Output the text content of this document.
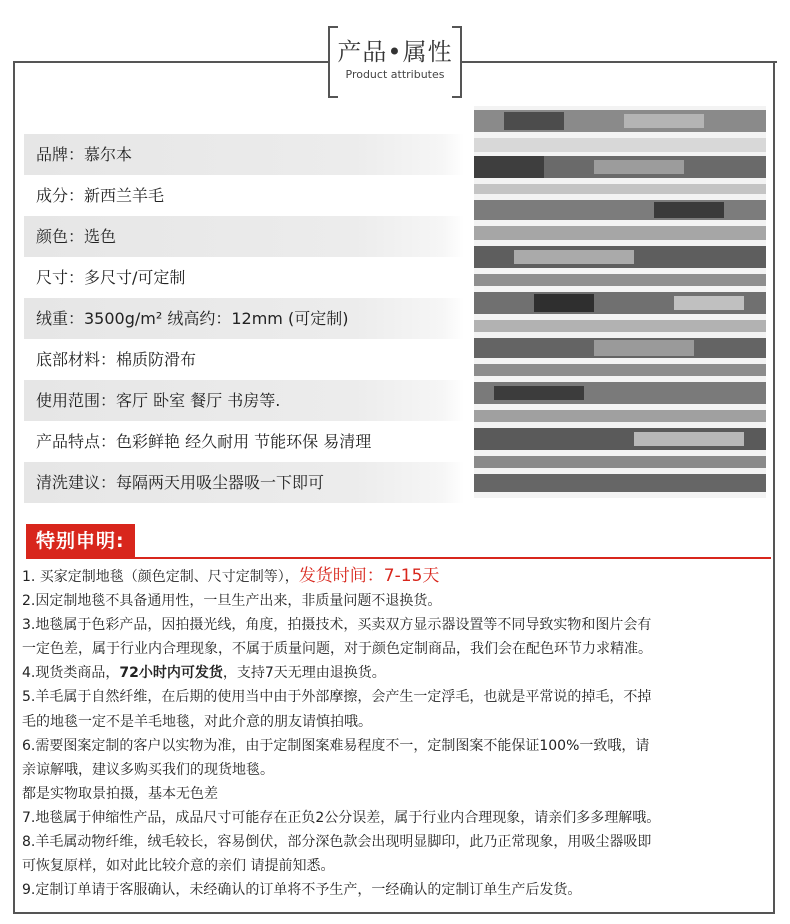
产品•属性
Product attributes
品牌：慕尔本
成分：新西兰羊毛
颜色：选色
尺寸：多尺寸/可定制
绒重：3500g/m² 绒高约：12mm (可定制)
底部材料：棉质防滑布
使用范围：客厅 卧室 餐厅 书房等.
产品特点：色彩鲜艳 经久耐用 节能环保 易清理
清洗建议：每隔两天用吸尘器吸一下即可
特别申明:
1. 买家定制地毯（颜色定制、尺寸定制等），发货时间：7-15天
2.因定制地毯不具备通用性，一旦生产出来，非质量问题不退换货。
3.地毯属于色彩产品，因拍摄光线，角度，拍摄技术，买卖双方显示器设置等不同导致实物和图片会有
一定色差，属于行业内合理现象，不属于质量问题，对于颜色定制商品，我们会在配色环节力求精准。
4.现货类商品，72小时内可发货，支持7天无理由退换货。
5.羊毛属于自然纤维，在后期的使用当中由于外部摩擦，会产生一定浮毛，也就是平常说的掉毛，不掉
毛的地毯一定不是羊毛地毯，对此介意的朋友请慎拍哦。
6.需要图案定制的客户以实物为准，由于定制图案难易程度不一，定制图案不能保证100%一致哦，请
亲谅解哦，建议多购买我们的现货地毯。
都是实物取景拍摄，基本无色差
7.地毯属于伸缩性产品，成品尺寸可能存在正负2公分误差，属于行业内合理现象，请亲们多多理解哦。
8.羊毛属动物纤维，绒毛较长，容易倒伏，部分深色款会出现明显脚印，此乃正常现象，用吸尘器吸即
可恢复原样，如对此比较介意的亲们 请提前知悉。
9.定制订单请于客服确认，未经确认的订单将不予生产，一经确认的定制订单生产后发货。
